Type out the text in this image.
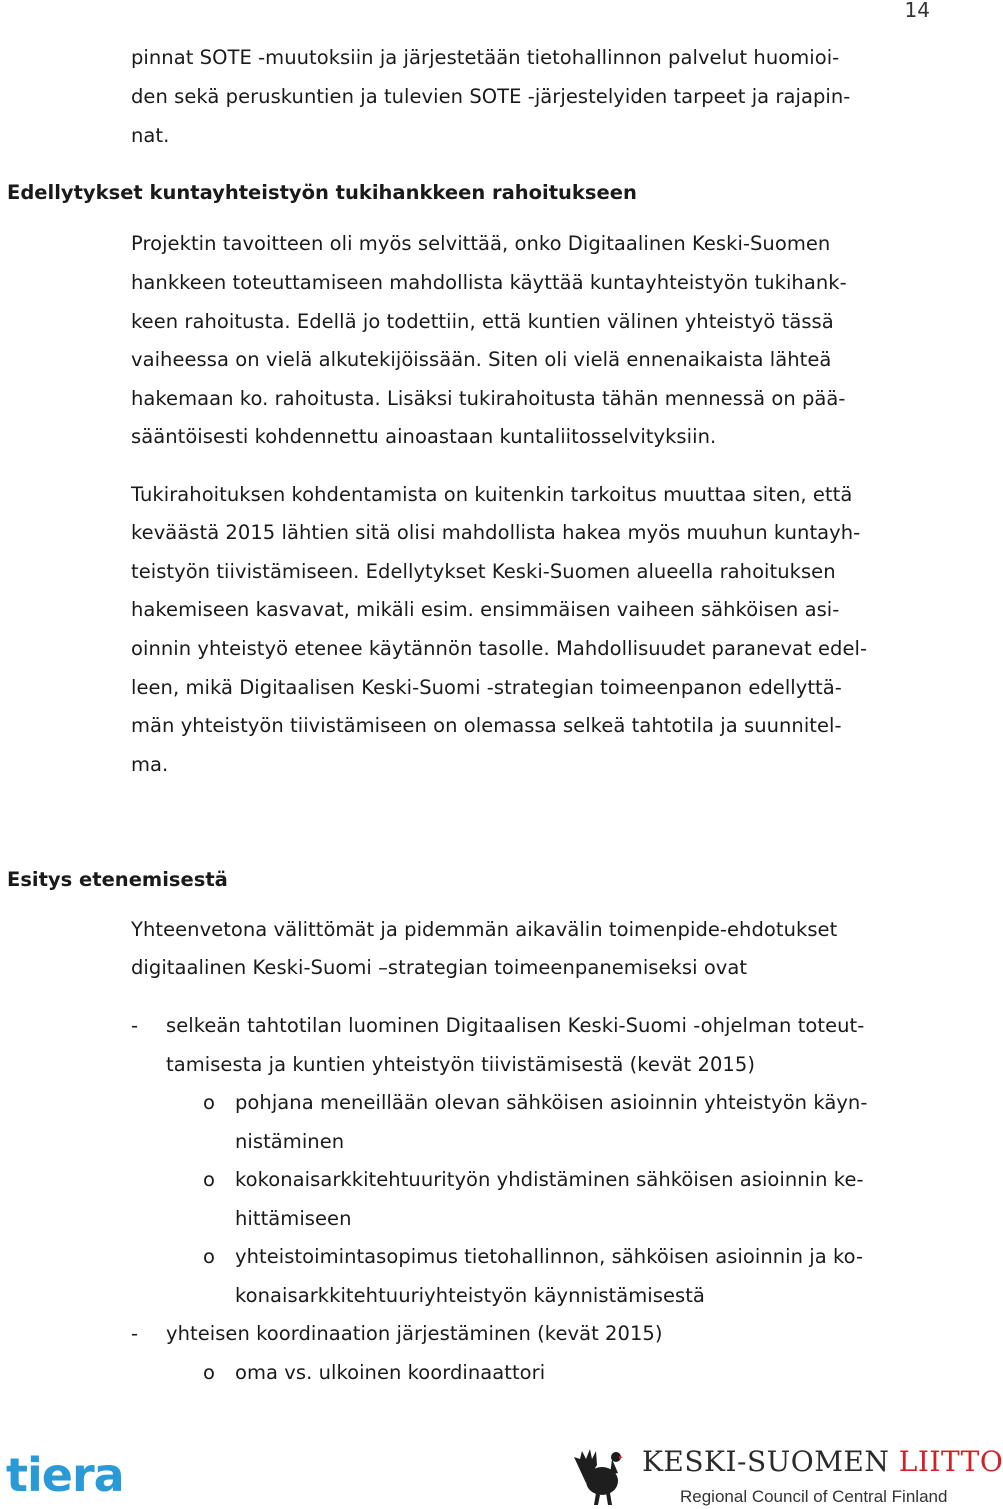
14
pinnat SOTE -muutoksiin ja järjestetään tietohallinnon palvelut huomioi-
den sekä peruskuntien ja tulevien SOTE -järjestelyiden tarpeet ja rajapin-
nat.
Edellytykset kuntayhteistyön tukihankkeen rahoitukseen
Projektin tavoitteen oli myös selvittää, onko Digitaalinen Keski-Suomen
hankkeen toteuttamiseen mahdollista käyttää kuntayhteistyön tukihank-
keen rahoitusta. Edellä jo todettiin, että kuntien välinen yhteistyö tässä
vaiheessa on vielä alkutekijöissään. Siten oli vielä ennenaikaista lähteä
hakemaan ko. rahoitusta. Lisäksi tukirahoitusta tähän mennessä on pää-
sääntöisesti kohdennettu ainoastaan kuntaliitosselvityksiin.
Tukirahoituksen kohdentamista on kuitenkin tarkoitus muuttaa siten, että
keväästä 2015 lähtien sitä olisi mahdollista hakea myös muuhun kuntayh-
teistyön tiivistämiseen. Edellytykset Keski-Suomen alueella rahoituksen
hakemiseen kasvavat, mikäli esim. ensimmäisen vaiheen sähköisen asi-
oinnin yhteistyö etenee käytännön tasolle. Mahdollisuudet paranevat edel-
leen, mikä Digitaalisen Keski-Suomi -strategian toimeenpanon edellyttä-
män yhteistyön tiivistämiseen on olemassa selkeä tahtotila ja suunnitel-
ma.
Esitys etenemisestä
Yhteenvetona välittömät ja pidemmän aikavälin toimenpide-ehdotukset
digitaalinen Keski-Suomi –strategian toimeenpanemiseksi ovat
- selkeän tahtotilan luominen Digitaalisen Keski-Suomi -ohjelman toteut-
tamisesta ja kuntien yhteistyön tiivistämisestä (kevät 2015)
o pohjana meneillään olevan sähköisen asioinnin yhteistyön käyn-
nistäminen
o kokonaisarkkitehtuurityön yhdistäminen sähköisen asioinnin ke-
hittämiseen
o yhteistoimintasopimus tietohallinnon, sähköisen asioinnin ja ko-
konaisarkkitehtuuriyhteistyön käynnistämisestä
- yhteisen koordinaation järjestäminen (kevät 2015)
o oma vs. ulkoinen koordinaattori
tiera	KESKI-SUOMEN LIITTO
Regional Council of Central Finland
